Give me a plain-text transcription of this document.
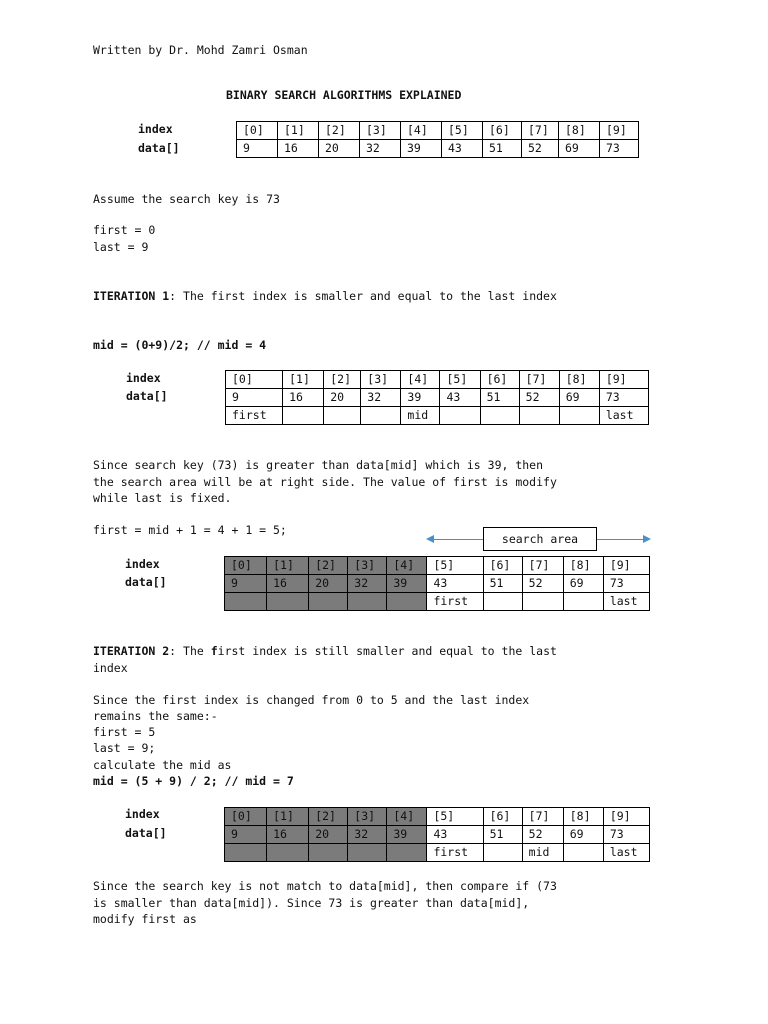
Written by Dr. Mohd Zamri Osman
BINARY SEARCH ALGORITHMS EXPLAINED
index
data[]
[0]	[1]	[2]	[3]	[4]	[5]	[6]	[7]	[8]	[9]
9	16	20	32	39	43	51	52	69	73
Assume the search key is 73
first = 0
last = 9
ITERATION 1: The first index is smaller and equal to the last index
mid = (0+9)/2; // mid = 4
index
data[]
[0]	[1]	[2]	[3]	[4]	[5]	[6]	[7]	[8]	[9]
9	16	20	32	39	43	51	52	69	73
first				mid					last
Since search key (73) is greater than data[mid] which is 39, then
the search area will be at right side. The value of first is modify
while last is fixed.
first = mid + 1 = 4 + 1 = 5;
search area
index
data[]
[0]	[1]	[2]	[3]	[4]	[5]	[6]	[7]	[8]	[9]
9	16	20	32	39	43	51	52	69	73
					first				last
ITERATION 2: The first index is still smaller and equal to the last
index
Since the first index is changed from 0 to 5 and the last index
remains the same:-
first = 5
last = 9;
calculate the mid as
mid = (5 + 9) / 2; // mid = 7
index
data[]
[0]	[1]	[2]	[3]	[4]	[5]	[6]	[7]	[8]	[9]
9	16	20	32	39	43	51	52	69	73
					first		mid		last
Since the search key is not match to data[mid], then compare if (73
is smaller than data[mid]). Since 73 is greater than data[mid],
modify first as
